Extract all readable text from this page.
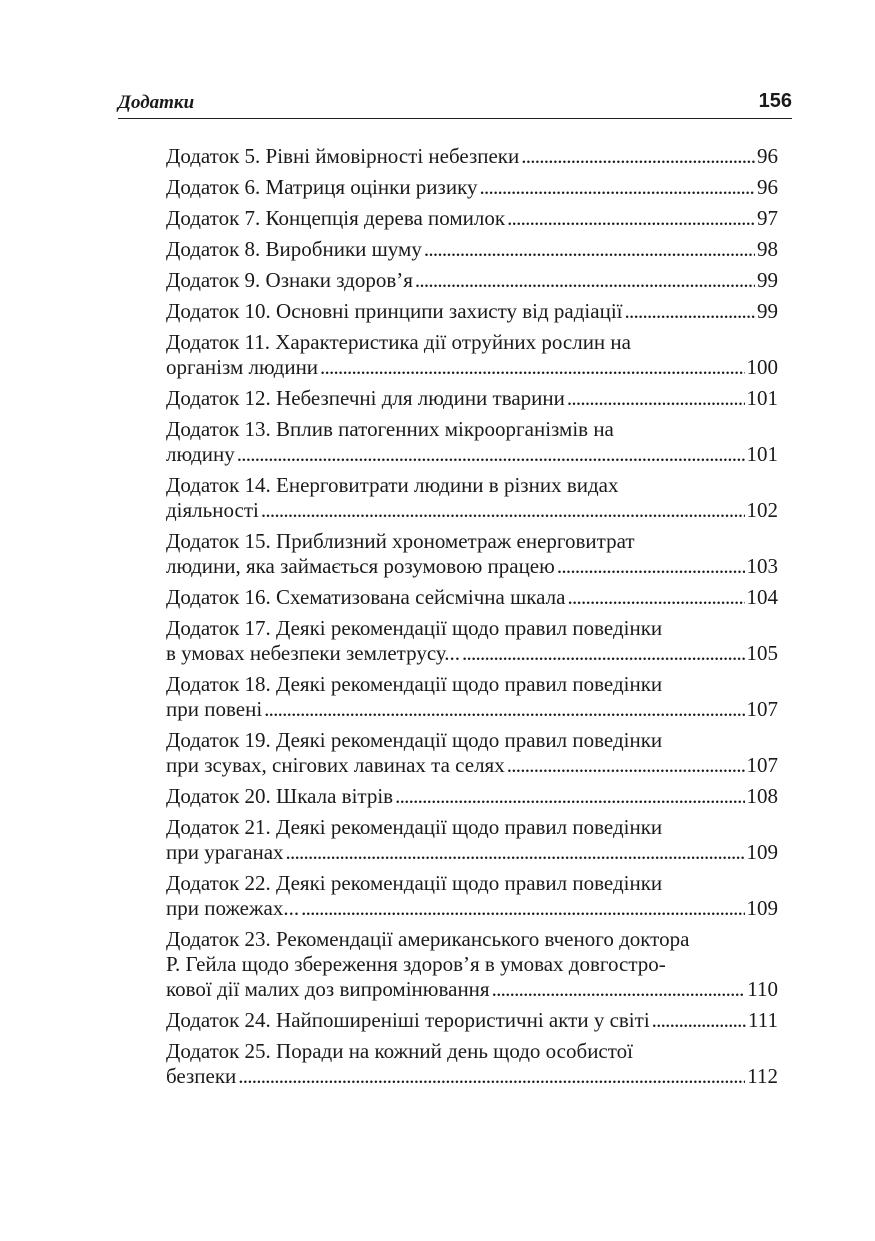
Додатки	156
Додаток 5. Рівні ймовірності небезпеки . . .	96
Додаток 6. Матриця оцінки ризику . . .	96
Додаток 7. Концепція дерева помилок . . .	97
Додаток 8. Виробники шуму . . .	98
Додаток 9. Ознаки здоров’я . . .	99
Додаток 10. Основні принципи захисту від радіації . . .	99
Додаток 11. Характеристика дії отруйних рослин на
організм людини . . .	100
Додаток 12. Небезпечні для людини тварини . . .	101
Додаток 13. Вплив патогенних мікроорганізмів на
людину . . .	101
Додаток 14. Енерговитрати людини в різних видах
діяльності . . .	102
Додаток 15. Приблизний хронометраж енерговитрат
людини, яка займається розумовою працею . . .	103
Додаток 16. Схематизована сейсмічна шкала . . .	104
Додаток 17. Деякі рекомендації щодо правил поведінки
в умовах небезпеки землетрусу... . . .	105
Додаток 18. Деякі рекомендації щодо правил поведінки
при повені . . .	107
Додаток 19. Деякі рекомендації щодо правил поведінки
при зсувах, снігових лавинах та селях . . .	107
Додаток 20. Шкала вітрів . . .	108
Додаток 21. Деякі рекомендації щодо правил поведінки
при ураганах . . .	109
Додаток 22. Деякі рекомендації щодо правил поведінки
при пожежах... . . .	109
Додаток 23. Рекомендації американського вченого доктора
Р. Гейла щодо збереження здоров’я в умовах довгостро-
кової дії малих доз випромінювання . . .	110
Додаток 24. Найпоширеніші терористичні акти у світі . . .	111
Додаток 25. Поради на кожний день щодо особистої
безпеки . . .	112
